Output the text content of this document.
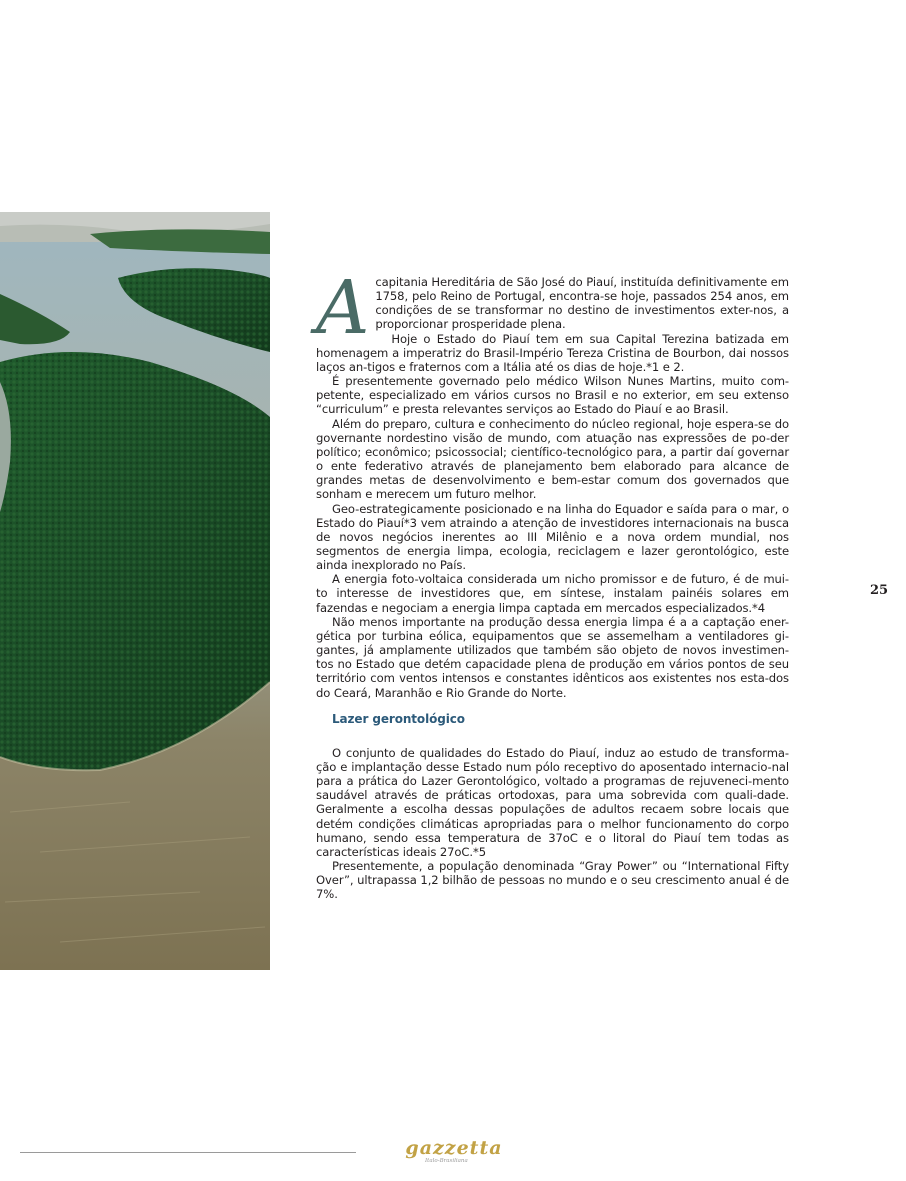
A capitania Hereditária de São José do Piauí, instituída definitivamente em 1758, pelo Reino de Portugal, encontra-se hoje, passados 254 anos, em condições de se transformar no destino de investimentos exter-nos, a proporcionar prosperidade plena.

Hoje o Estado do Piauí tem em sua Capital Terezina batizada em homenagem a imperatriz do Brasil-Império Tereza Cristina de Bourbon, dai nossos laços an-tigos e fraternos com a Itália até os dias de hoje.*1 e 2.

É presentemente governado pelo médico Wilson Nunes Martins, muito com-petente, especializado em vários cursos no Brasil e no exterior, em seu extenso “curriculum” e presta relevantes serviços ao Estado do Piauí e ao Brasil.

Além do preparo, cultura e conhecimento do núcleo regional, hoje espera-se do governante nordestino visão de mundo, com atuação nas expressões de po-der político; econômico; psicossocial; científico-tecnológico para, a partir daí governar o ente federativo através de planejamento bem elaborado para alcance de grandes metas de desenvolvimento e bem-estar comum dos governados que sonham e merecem um futuro melhor.

Geo-estrategicamente posicionado e na linha do Equador e saída para o mar, o Estado do Piauí*3 vem atraindo a atenção de investidores internacionais na busca de novos negócios inerentes ao III Milênio e a nova ordem mundial, nos segmentos de energia limpa, ecologia, reciclagem e lazer gerontológico, este ainda inexplorado no País.

A energia foto-voltaica considerada um nicho promissor e de futuro, é de mui-to interesse de investidores que, em síntese, instalam painéis solares em fazendas e negociam a energia limpa captada em mercados especializados.*4

Não menos importante na produção dessa energia limpa é a a captação ener-gética por turbina eólica, equipamentos que se assemelham a ventiladores gi-gantes, já amplamente utilizados que também são objeto de novos investimen-tos no Estado que detém capacidade plena de produção em vários pontos de seu território com ventos intensos e constantes idênticos aos existentes nos esta-dos do Ceará, Maranhão e Rio Grande do Norte.

Lazer gerontológico

O conjunto de qualidades do Estado do Piauí, induz ao estudo de transforma-ção e implantação desse Estado num pólo receptivo do aposentado internacio-nal para a prática do Lazer Gerontológico, voltado a programas de rejuveneci-mento saudável através de práticas ortodoxas, para uma sobrevida com quali-dade. Geralmente a escolha dessas populações de adultos recaem sobre locais que detém condições climáticas apropriadas para o melhor funcionamento do corpo humano, sendo essa temperatura de 37oC e o litoral do Piauí tem todas as características ideais 27oC.*5

Presentemente, a população denominada “Gray Power” ou “International Fifty Over”, ultrapassa 1,2 bilhão de pessoas no mundo e o seu crescimento anual é de 7%.

25
gazzetta
Italo-Brasiliana
